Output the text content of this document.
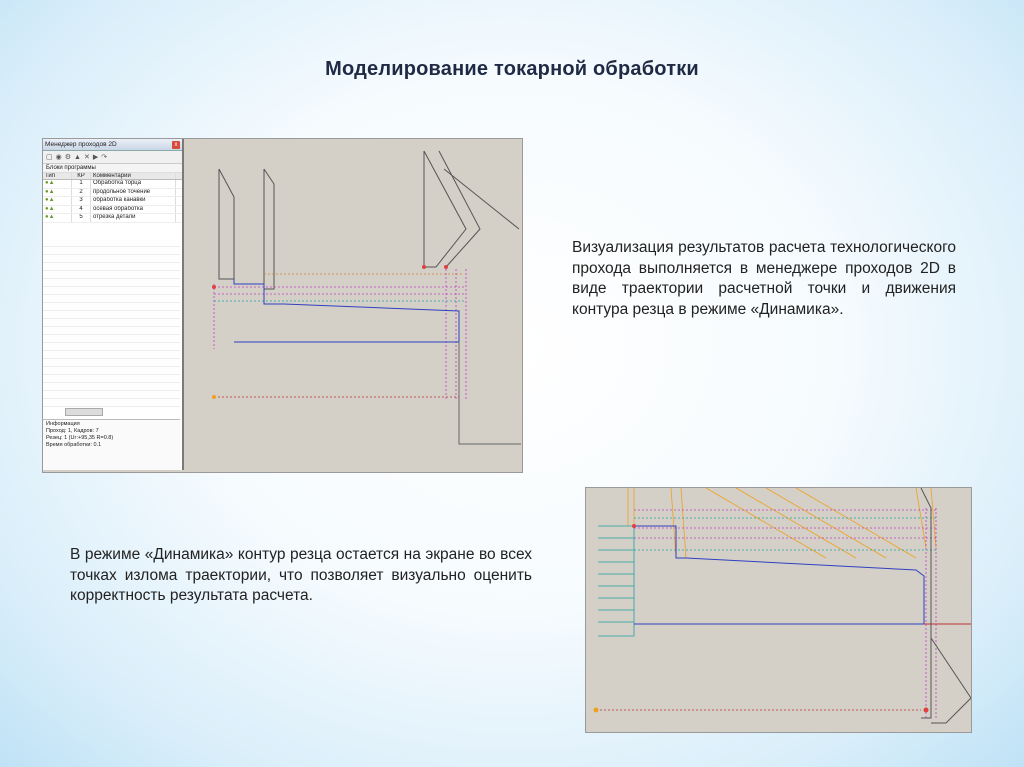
Моделирование токарной обработки
Менеджер проходов 2D	x
▢ ◉ ⚙ ▲ ✕ ▶ ↷
Блоки программы
Тип	КР	Комментарий
●▲	1	Обработка торца
●▲	2	продольное точение
●▲	3	обработка канавки
●▲	4	осевая обработка
●▲	5	отрезка детали
Информация
Проход: 1, Кадров: 7
Резец: 1 (Uг:+95,35 R=0.8)
Время обработки: 0.1
Визуализация результатов расчета технологического прохода выполняется в менеджере проходов 2D в виде траектории расчетной точки и движения контура резца в режиме «Динамика».
В режиме «Динамика» контур резца остается на экране во всех точках излома траектории, что позволяет визуально оценить корректность результата расчета.
